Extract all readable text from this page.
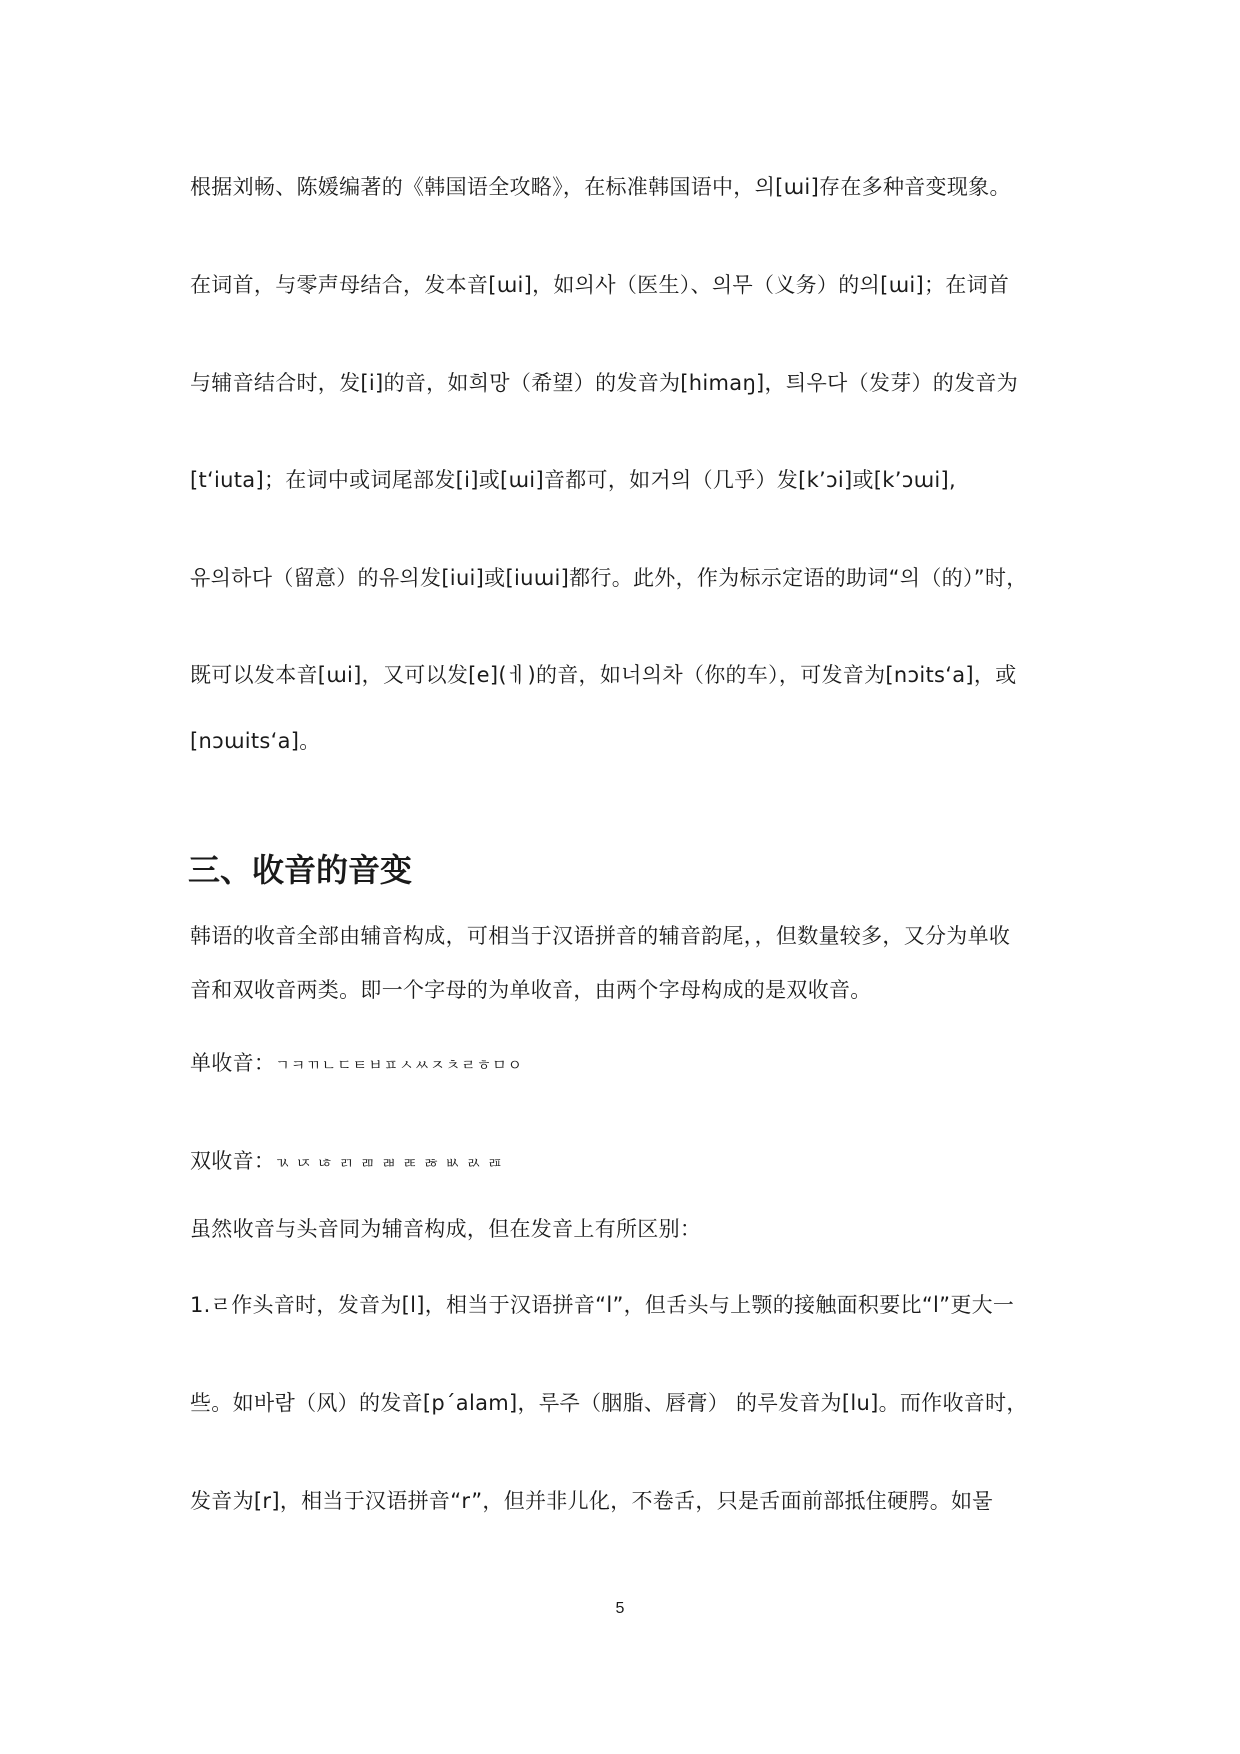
根据刘畅、陈媛编著的《韩国语全攻略》，在标准韩国语中，의[ɯi]存在多种音变现象。
在词首，与零声母结合，发本音[ɯi]，如의사（医生）、의무（义务）的의[ɯi]；在词首
与辅音结合时，发[i]的音，如희망（希望）的发音为[himaŋ]，틔우다（发芽）的发音为
[tʻiuta]；在词中或词尾部发[i]或[ɯi]音都可，如거의（几乎）发[k’ɔi]或[k’ɔɯi],
유의하다（留意）的유의发[iui]或[iuɯi]都行。此外，作为标示定语的助词“의（的）”时，
既可以发本音[ɯi]，又可以发[e](ㅔ)的音，如너의차（你的车），可发音为[nɔitsʻa]，或
[nɔɯitsʻa]。
三、收音的音变
韩语的收音全部由辅音构成，可相当于汉语拼音的辅音韵尾，，但数量较多，又分为单收
音和双收音两类。即一个字母的为单收音，由两个字母构成的是双收音。
单收音：ㄱㅋㄲㄴㄷㅌㅂㅍㅅㅆㅈㅊㄹㅎㅁㅇ
双收音：ㄳ ㄵ ㄶ ㄺ ㄻ ㄼ ㄾ ㅀ ㅄ ㄽ ㄿ
虽然收音与头音同为辅音构成，但在发音上有所区别：
1.ㄹ作头音时，发音为[l]，相当于汉语拼音“l”，但舌头与上颚的接触面积要比“l”更大一
些。如바람（风）的发音[p΄alam]，루주（胭脂、唇膏） 的루发音为[lu]。而作收音时，
发音为[r]，相当于汉语拼音“r”，但并非儿化，不卷舌，只是舌面前部抵住硬腭。如물
5
